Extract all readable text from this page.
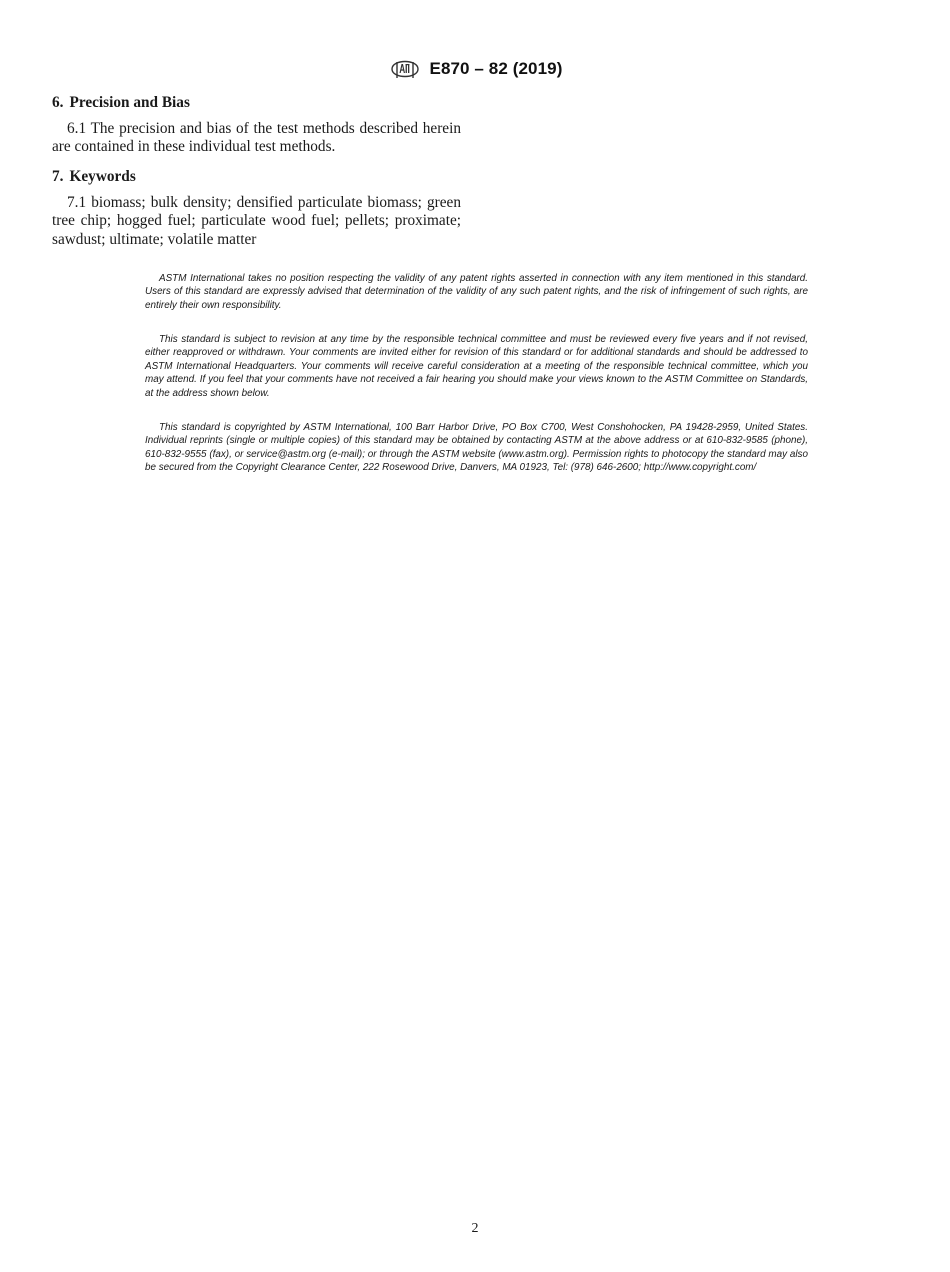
E870 – 82 (2019)

6. Precision and Bias

6.1 The precision and bias of the test methods described herein are contained in these individual test methods.

7. Keywords

7.1 biomass; bulk density; densified particulate biomass; green tree chip; hogged fuel; particulate wood fuel; pellets; proximate; sawdust; ultimate; volatile matter

ASTM International takes no position respecting the validity of any patent rights asserted in connection with any item mentioned in this standard. Users of this standard are expressly advised that determination of the validity of any such patent rights, and the risk of infringement of such rights, are entirely their own responsibility.

This standard is subject to revision at any time by the responsible technical committee and must be reviewed every five years and if not revised, either reapproved or withdrawn. Your comments are invited either for revision of this standard or for additional standards and should be addressed to ASTM International Headquarters. Your comments will receive careful consideration at a meeting of the responsible technical committee, which you may attend. If you feel that your comments have not received a fair hearing you should make your views known to the ASTM Committee on Standards, at the address shown below.

This standard is copyrighted by ASTM International, 100 Barr Harbor Drive, PO Box C700, West Conshohocken, PA 19428-2959, United States. Individual reprints (single or multiple copies) of this standard may be obtained by contacting ASTM at the above address or at 610-832-9585 (phone), 610-832-9555 (fax), or service@astm.org (e-mail); or through the ASTM website (www.astm.org). Permission rights to photocopy the standard may also be secured from the Copyright Clearance Center, 222 Rosewood Drive, Danvers, MA 01923, Tel: (978) 646-2600; http://www.copyright.com/

2
